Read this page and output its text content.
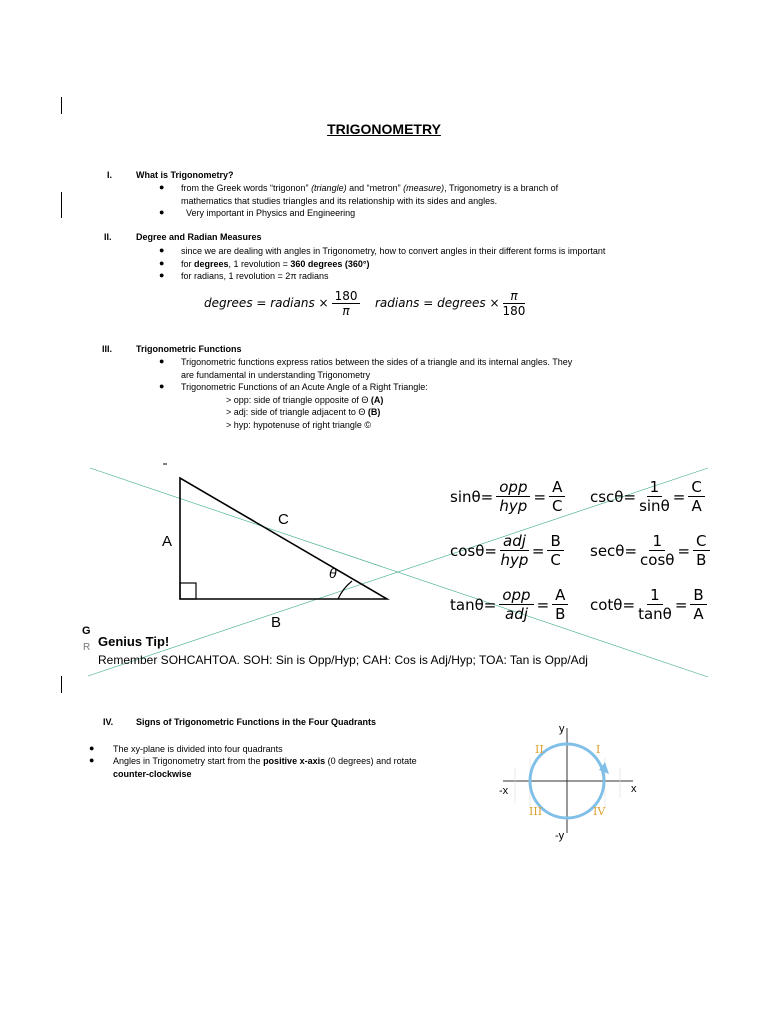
TRIGONOMETRY
I.	What is Trigonometry?
● from the Greek words “trigonon” (triangle) and “metron” (measure), Trigonometry is a branch of
mathematics that studies triangles and its relationship with its sides and angles.
● Very important in Physics and Engineering
II.	Degree and Radian Measures
● since we are dealing with angles in Trigonometry, how to convert angles in their different forms is important
● for degrees, 1 revolution = 360 degrees (360°)
● for radians, 1 revolution = 2π radians
degrees = radians × $\frac{180}{\pi}$ radians = degrees × $\frac{\pi}{180}$
III.	Trigonometric Functions
● Trigonometric functions express ratios between the sides of a triangle and its internal angles. They
are fundamental in understanding Trigonometry
● Trigonometric Functions of an Acute Angle of a Right Triangle:
> opp: side of triangle opposite of Θ (A)
> adj: side of triangle adjacent to Θ (B)
> hyp: hypotenuse of right triangle ©
A
C
B
θ
G
R Genius Tip!
Remember SOHCAHTOA. SOH: Sin is Opp/Hyp; CAH: Cos is Adj/Hyp; TOA: Tan is Opp/Adj
sinθ =
opp
hyp
= $\frac{A}{C}$
cosθ =
adj
hyp
= $\frac{B}{C}$
tanθ =
opp
adj
= $\frac{A}{B}$
$\csc\theta = \frac{1}{\sin\theta} = \frac{C}{A}$
$\sec\theta = \frac{1}{\cos\theta} = \frac{C}{B}$
$\cot\theta = \frac{1}{\tan\theta} = \frac{B}{A}$
IV.	Signs of Trigonometric Functions in the Four Quadrants
● The xy-plane is divided into four quadrants
● Angles in Trigonometry start from the positive x-axis (0 degrees) and rotate
counter-clockwise
y
-y
x
-x
I
II
III	IV
